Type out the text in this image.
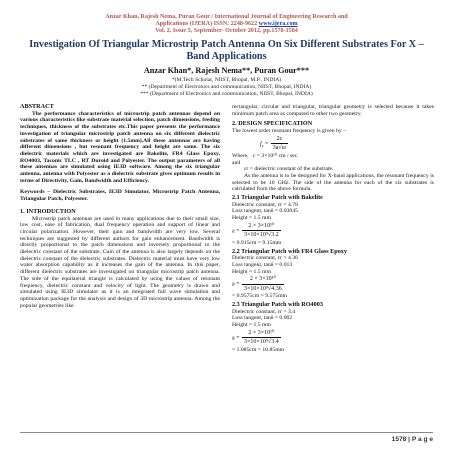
Anzar Khan, Rajesh Nema, Puran Gour / International Journal of Engineering Research and
Applications (IJERA) ISSN: 2248-9622 www.ijera.com
Vol. 2, Issue 5, September- October 2012, pp.1578-1584
Investigation Of Triangular Microstrip Patch Antenna On Six Different Substrates For X –Band Applications
Anzar Khan*, Rajesh Nema**, Puran Gour***
*(M.Tech Scholar, NIIST, Bhopal, M.P., INDIA)
** (Department of Electronics and communication, NIIST, Bhopal, INDIA)
*** (Department of Electronics and communication, NIIST, Bhopal, INDIA)

ABSTRACT

The performance characteristics of microstrip patch antennas depend on various characteristics like substrate material selection, patch dimensions, feeding techniques, thickness of the substrates etc.This paper presents the performance investigation of triangular microstrip patch antenna on six different dielectric substrates of same thickness or height (1.5mm).All these antennas are having different dimensions , but resonant frequency and height are same. The six dielectric materials which are investigated are Bakelite, FR4 Glass Epoxy, RO4003, Taconic TLC , RT Duroid and Polyester. The output parameters of all these antennas are simulated using IE3D software. Among the six triangular antenna, antenna with Polyester as a dielectric substrate gives optimum results in terms of Directivity, Gain, Bandwidth and Efficiency.

Keywords – Dielectric Substrates, IE3D Simulator, Microstrip Patch Antenna, Triangular Patch, Polyester.

1. INTRODUCTION

Microstrip patch antennas are used in many applications due to their small size, low cost, ease of fabrication, dual frequency operation and support of linear and circular polarization. However, their gain and bandwidth are very low. Several techniques are suggested by different authors for gain enhancement. Bandwidth is directly proportional to the patch dimensions and inversely proportional to the dielectric constant of the substrate. Gain of the antenna is also largely depends on the dielectric constant of the dielectric substrates. Dielectric material must have very low water absorption capability as it increases the gain of the antenna. In this paper, different dielectric substrates are investigated on triangular microstrip patch antenna. The side of the equilateral triangle is calculated by using the values of resonant frequency, dielectric constant and velocity of light. The geometry is drawn and simulated using IE3D simulator as it is an integrated full wave simulation and optimization package for the analysis and design of 3D microstrip antenna. Among the popular geometries like

rectangular, circular and triangular, triangular geometry is selected because it takes minimum patch area as compared to other two geometry.

2. DESIGN SPECIFICATION

The lowest order resonant frequency is given by –

$f_r = \frac{2c}{3a√\varepsilon r}$

Where, c = 3×10¹⁰ cm / sec.

and

εr = dielectric constant of the substrate.

As the antenna is to be designed for X-band applications, the resonant frequency is selected to be 10 GHz. The side of the antenna for each of the six substrates is calculated from the above formula.

2.1 Triangular Patch with Bakelite

Dielectric constant, εr = 4.78

Loss tangent, tanδ = 0.03045

Height = 1.5 mm

$a = \frac{\text{2 × 3×10¹⁰}}{\text{3×10×10⁹√3.2}}$

= 0.915cm = 9.15mm

2.2 Triangular Patch with FR4 Glass Epoxy

Dielectric constant, εr = 4.36

Loss tangent, tanδ = 0.013

Height = 1.5 mm

$a = \frac{\text{2 × 3×10¹⁰}}{\text{3×10×10⁹√4.36}}$

= 0.9575cm = 9.575mm

2.3 Triangular Patch with RO4003

Dielectric constant, εr = 3.4

Loss tangent, tanδ = 0.002

Height = 1.5 mm

$a = \frac{\text{2 × 3×10¹⁰}}{\text{3×10×10⁹√3.4}}$

= 1.085cm = 10.85mm

1578 | P a g e
